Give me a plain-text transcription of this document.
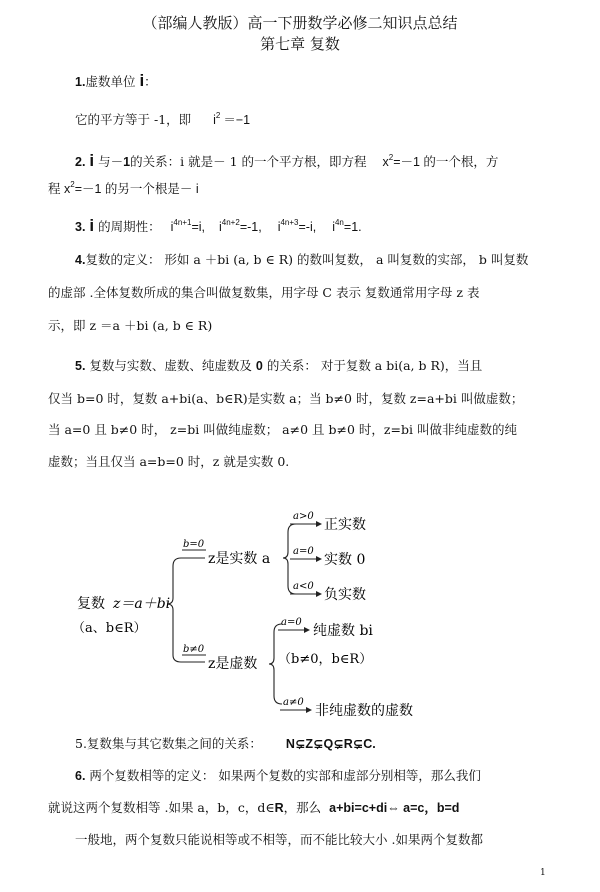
（部编人教版）高一下册数学必修二知识点总结
第七章 复数
1.虚数单位 i：
它的平方等于 -1，即 $i^2 =-1$
2. i 与－1的关系：i 就是－ 1 的一个平方根，即方程 $x^2=-1$ 的一个根，方
程 $x^2=-1$ 的另一个根是－ i
3. i 的周期性： $i^{4n+1}=i$, $i^{4n+2}=-1$, $i^{4n+3}=-i$, $i^{4n}=1$.
4.复数的定义： 形如 a ＋bi (a, b ∈ R) 的数叫复数， a 叫复数的实部， b 叫复数
的虚部 .全体复数所成的集合叫做复数集，用字母 C 表示 复数通常用字母 z 表
示，即 z ＝a ＋bi (a, b ∈ R)
5. 复数与实数、虚数、纯虚数及 0 的关系： 对于复数 a bi(a, b R)，当且
仅当 b=0 时，复数 a+bi(a、b∈R)是实数 a；当 b≠0 时，复数 z=a+bi 叫做虚数；
当 a=0 且 b≠0 时， z=bi 叫做纯虚数； a≠0 且 b≠0 时，z=bi 叫做非纯虚数的纯
虚数；当且仅当 a=b=0 时，z 就是实数 0.
复数 z＝a＋bi
（a、b∈R）
b=0
z是实数 a
a>0
正实数
a=0
实数 0
a<0
负实数
b≠0
z是虚数
a=0
纯虚数 bi
（b≠0，b∈R）
a≠0
非纯虚数的虚数
5.复数集与其它数集之间的关系： N⊊Z⊊Q⊊R⊊C.
6. 两个复数相等的定义： 如果两个复数的实部和虚部分别相等，那么我们
就说这两个复数相等 .如果 a，b，c，d∈R，那么 a+bi=c+di⇔ a=c，b=d
一般地，两个复数只能说相等或不相等，而不能比较大小 .如果两个复数都
1
